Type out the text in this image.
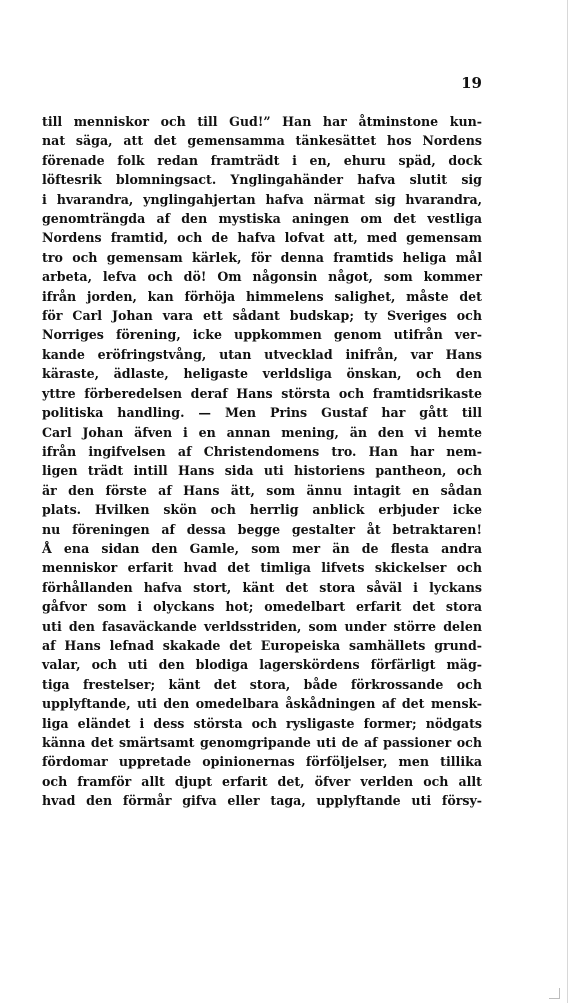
19
till menniskor och till Gud!” Han har åtminstone kun-
nat säga, att det gemensamma tänkesättet hos Nordens
förenade folk redan framträdt i en, ehuru späd, dock
löftesrik blomningsact. Ynglingahänder hafva slutit sig
i hvarandra, ynglingahjertan hafva närmat sig hvarandra,
genomträngda af den mystiska aningen om det vestliga
Nordens framtid, och de hafva lofvat att, med gemensam
tro och gemensam kärlek, för denna framtids heliga mål
arbeta, lefva och dö! Om någonsin något, som kommer
ifrån jorden, kan förhöja himmelens salighet, måste det
för Carl Johan vara ett sådant budskap; ty Sveriges och
Norriges förening, icke uppkommen genom utifrån ver-
kande eröfringstvång, utan utvecklad inifrån, var Hans
käraste, ädlaste, heligaste verldsliga önskan, och den
yttre förberedelsen deraf Hans största och framtidsrikaste
politiska handling. — Men Prins Gustaf har gått till
Carl Johan äfven i en annan mening, än den vi hemte
ifrån ingifvelsen af Christendomens tro. Han har nem-
ligen trädt intill Hans sida uti historiens pantheon, och
är den förste af Hans ätt, som ännu intagit en sådan
plats. Hvilken skön och herrlig anblick erbjuder icke
nu föreningen af dessa begge gestalter åt betraktaren!
Å ena sidan den Gamle, som mer än de flesta andra
menniskor erfarit hvad det timliga lifvets skickelser och
förhållanden hafva stort, känt det stora såväl i lyckans
gåfvor som i olyckans hot; omedelbart erfarit det stora
uti den fasaväckande verldsstriden, som under större delen
af Hans lefnad skakade det Europeiska samhällets grund-
valar, och uti den blodiga lagerskördens förfärligt mäg-
tiga frestelser; känt det stora, både förkrossande och
upplyftande, uti den omedelbara åskådningen af det mensk-
liga eländet i dess största och rysligaste former; nödgats
känna det smärtsamt genomgripande uti de af passioner och
fördomar uppretade opinionernas förföljelser, men tillika
och framför allt djupt erfarit det, öfver verlden och allt
hvad den förmår gifva eller taga, upplyftande uti försy-
